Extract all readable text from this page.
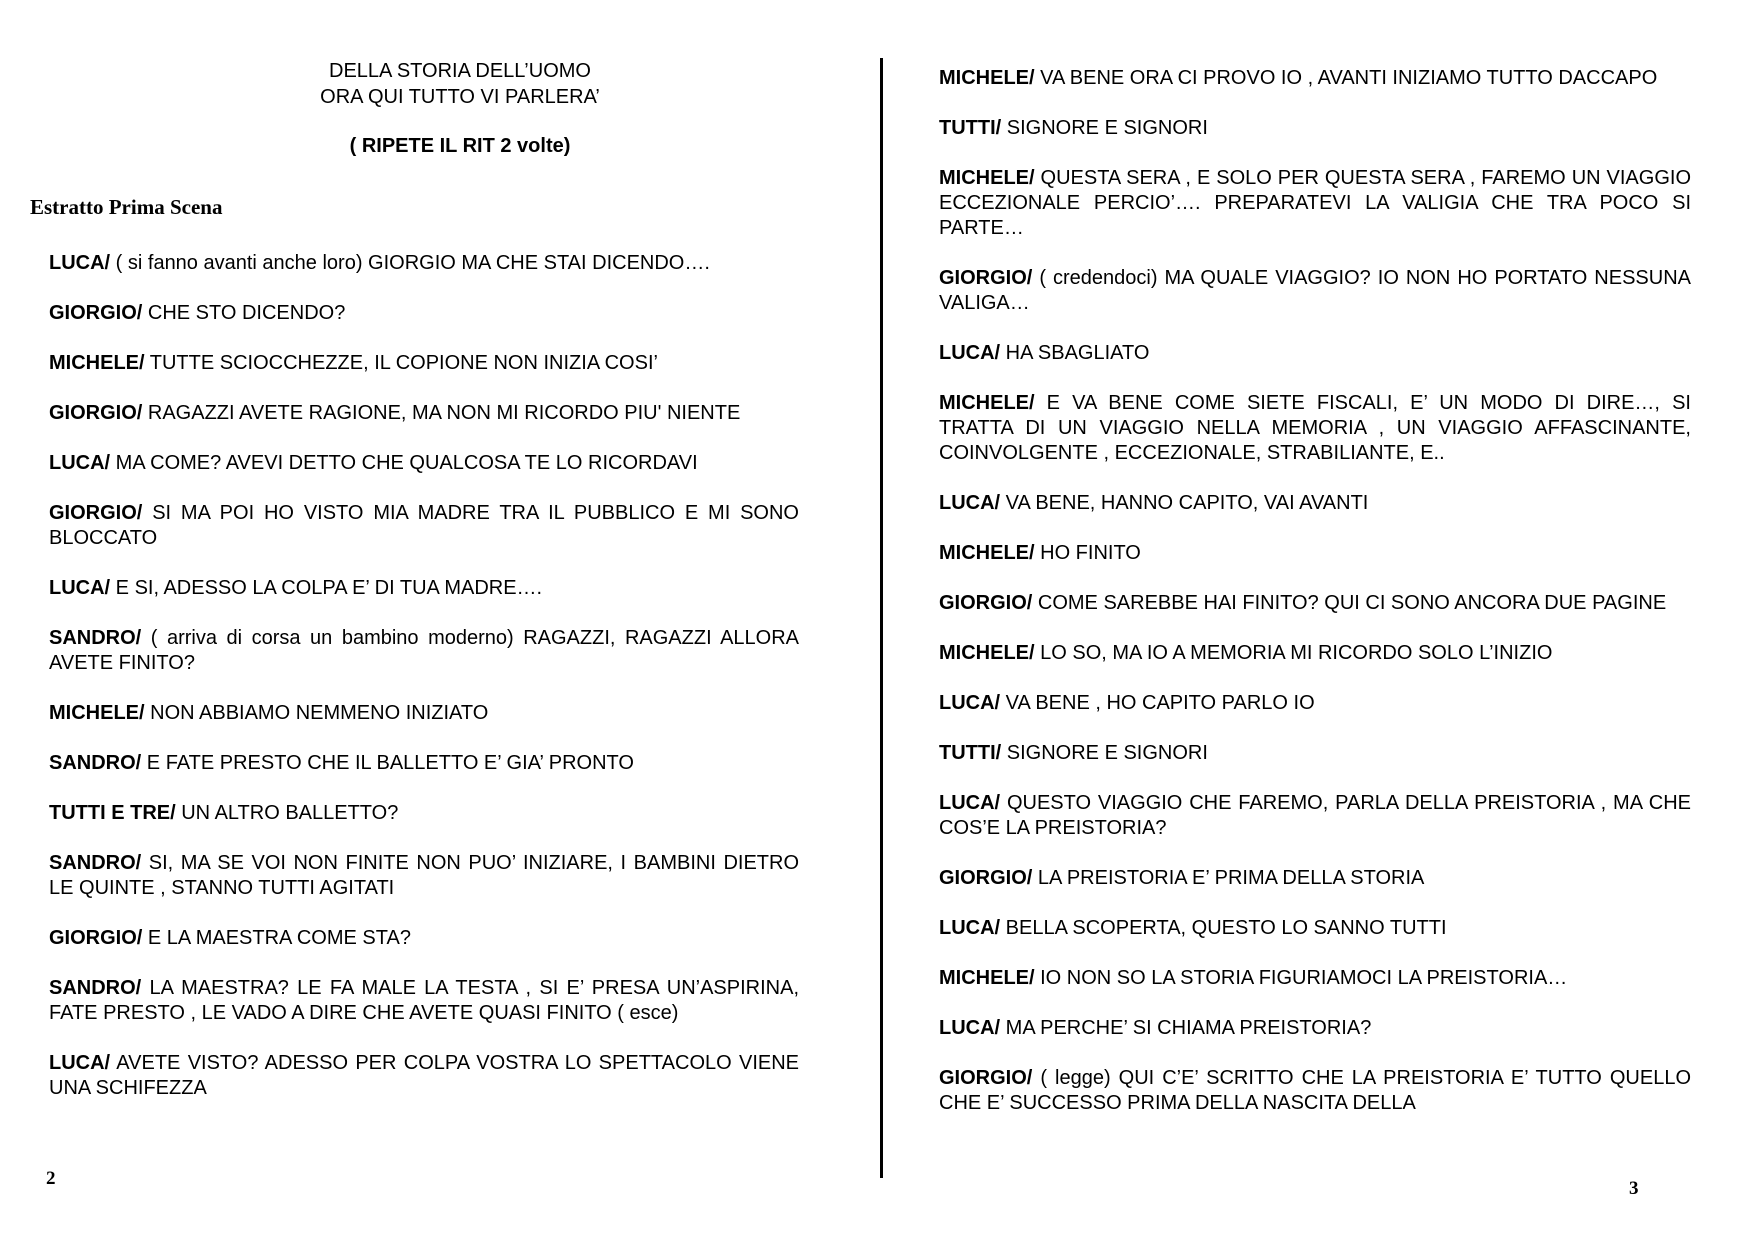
DELLA STORIA DELL’UOMO
ORA QUI TUTTO VI PARLERA’
( RIPETE IL RIT 2 volte)
Estratto Prima Scena
LUCA/ ( si fanno avanti anche loro) GIORGIO MA CHE STAI DICENDO….
GIORGIO/ CHE STO DICENDO?
MICHELE/ TUTTE SCIOCCHEZZE, IL COPIONE NON INIZIA COSI’
GIORGIO/ RAGAZZI AVETE RAGIONE, MA NON MI RICORDO PIU' NIENTE
LUCA/ MA COME? AVEVI DETTO CHE QUALCOSA TE LO RICORDAVI
GIORGIO/ SI MA POI HO VISTO MIA MADRE TRA IL PUBBLICO E MI SONO BLOCCATO
LUCA/ E SI, ADESSO LA COLPA E’ DI TUA MADRE….
SANDRO/ ( arriva di corsa un bambino moderno) RAGAZZI, RAGAZZI ALLORA AVETE FINITO?
MICHELE/ NON ABBIAMO NEMMENO INIZIATO
SANDRO/ E FATE PRESTO CHE IL BALLETTO E’ GIA’ PRONTO
TUTTI E TRE/ UN ALTRO BALLETTO?
SANDRO/ SI, MA SE VOI NON FINITE NON PUO’ INIZIARE, I BAMBINI DIETRO LE QUINTE , STANNO TUTTI AGITATI
GIORGIO/ E LA MAESTRA COME STA?
SANDRO/ LA MAESTRA? LE FA MALE LA TESTA , SI E’ PRESA UN’ASPIRINA, FATE PRESTO , LE VADO A DIRE CHE AVETE QUASI FINITO ( esce)
LUCA/ AVETE VISTO? ADESSO PER COLPA VOSTRA LO SPETTACOLO VIENE UNA SCHIFEZZA
2
MICHELE/ VA BENE ORA CI PROVO IO , AVANTI INIZIAMO TUTTO DACCAPO
TUTTI/ SIGNORE E SIGNORI
MICHELE/ QUESTA SERA , E SOLO PER QUESTA SERA , FAREMO UN VIAGGIO ECCEZIONALE PERCIO’…. PREPARATEVI LA VALIGIA CHE TRA POCO SI PARTE…
GIORGIO/ ( credendoci) MA QUALE VIAGGIO? IO NON HO PORTATO NESSUNA VALIGA…
LUCA/ HA SBAGLIATO
MICHELE/ E VA BENE COME SIETE FISCALI, E’ UN MODO DI DIRE…, SI TRATTA DI UN VIAGGIO NELLA MEMORIA , UN VIAGGIO AFFASCINANTE, COINVOLGENTE , ECCEZIONALE, STRABILIANTE, E..
LUCA/ VA BENE, HANNO CAPITO, VAI AVANTI
MICHELE/ HO FINITO
GIORGIO/ COME SAREBBE HAI FINITO? QUI CI SONO ANCORA DUE PAGINE
MICHELE/ LO SO, MA IO A MEMORIA MI RICORDO SOLO L’INIZIO
LUCA/ VA BENE , HO CAPITO PARLO IO
TUTTI/ SIGNORE E SIGNORI
LUCA/ QUESTO VIAGGIO CHE FAREMO, PARLA DELLA PREISTORIA , MA CHE COS’E LA PREISTORIA?
GIORGIO/ LA PREISTORIA E’ PRIMA DELLA STORIA
LUCA/ BELLA SCOPERTA, QUESTO LO SANNO TUTTI
MICHELE/ IO NON SO LA STORIA FIGURIAMOCI LA PREISTORIA…
LUCA/ MA PERCHE’ SI CHIAMA PREISTORIA?
GIORGIO/ ( legge) QUI C’E’ SCRITTO CHE LA PREISTORIA E’ TUTTO QUELLO CHE E’ SUCCESSO PRIMA DELLA NASCITA DELLA
3
